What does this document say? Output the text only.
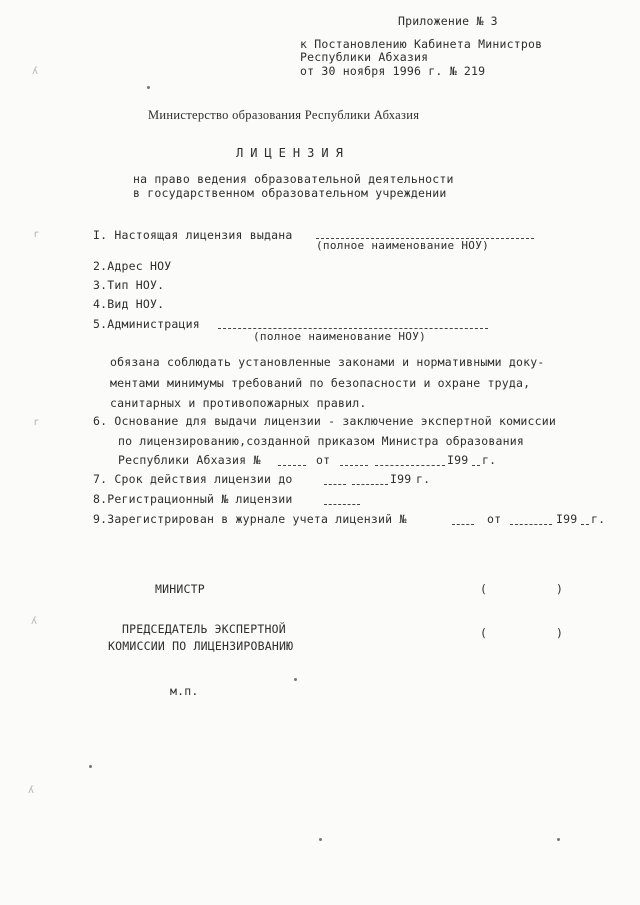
Приложение № 3
к Постановлению Кабинета Министров
Республики Абхазия
от 30 ноября 1996 г. № 219
Министерство образования Республики Абхазия
ЛИЦЕНЗИЯ
на право ведения образовательной деятельности
в государственном образовательном учреждении
I. Настоящая лицензия выдана
(полное наименование НОУ)
2.Адрес НОУ
3.Тип НОУ.
4.Вид НОУ.
5.Администрация
(полное наименование НОУ)
обязана соблюдать установленные законами и нормативными доку-
ментами минимумы требований по безопасности и охране труда,
санитарных и противопожарных правил.
6. Основание для выдачи лицензии - заключение экспертной комиссии
по лицензированию,созданной приказом Министра образования
Республики Абхазия №	от	I99 г.
7. Срок действия лицензии до	I99 г.
8.Регистрационный № лицензии
9.Зарегистрирован в журнале учета лицензий №	от	I99 г.
МИНИСТР	(	)
ПРЕДСЕДАТЕЛЬ ЭКСПЕРТНОЙ
КОМИССИИ ПО ЛИЦЕНЗИРОВАНИЮ
(	)
м.п.
ʎ
r
r
ʎ
ʎ
